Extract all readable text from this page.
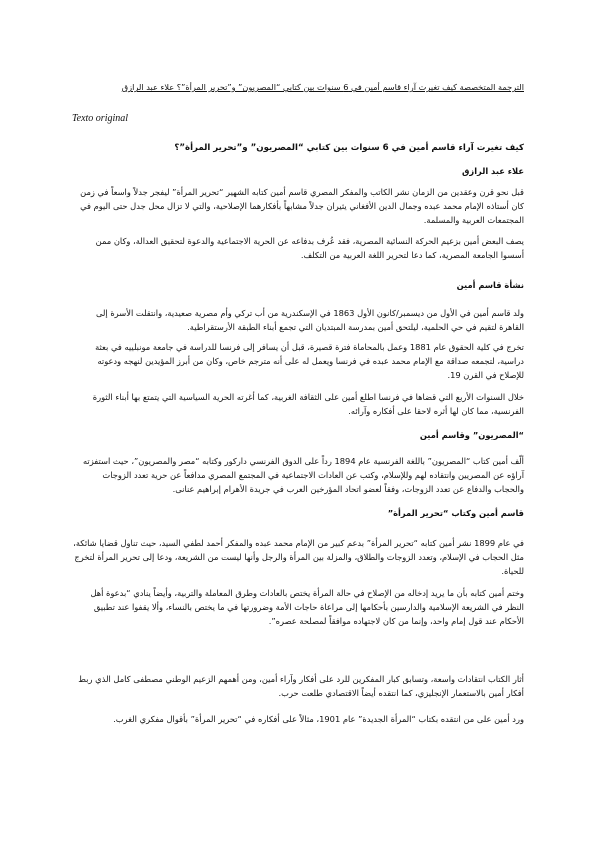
الترجمة المتخصصة كيف تغيرت آراء قاسم أمين في 6 سنوات بين كتابي “المصريون” و”تحرير المرأة”؟ علاء عبد الرازق
Texto original
كيف تغيرت آراء قاسم أمين في 6 سنوات بين كتابي “المصريون” و”تحرير المرأة”؟
علاء عبد الرازق
قبل نحو قرن وعقدين من الزمان نشر الكاتب والمفكر المصري قاسم أمين كتابه الشهير “تحرير المرأة” ليفجر جدلاً واسعاً في زمن كان أستاذه الإمام محمد عبده وجمال الدين الأفغاني يثيران جدلاً مشابهاً بأفكارهما الإصلاحية، والتي لا تزال محل جدل حتى اليوم في المجتمعات العربية والمسلمة.
يصف البعض أمين بزعيم الحركة النسائية المصرية، فقد عُرف بدفاعه عن الحرية الاجتماعية والدعوة لتحقيق العدالة، وكان ممن أسسوا الجامعة المصرية، كما دعا لتحرير اللغة العربية من التكلف.
نشأة قاسم أمين
ولد قاسم أمين في الأول من ديسمبر/كانون الأول 1863 في الإسكندرية من أب تركي وأم مصرية صعيدية، وانتقلت الأسرة إلى القاهرة لتقيم في حي الحلمية، ليلتحق أمين بمدرسة المبتديان التي تجمع أبناء الطبقة الأرستقراطية.
تخرج في كلية الحقوق عام 1881 وعمل بالمحاماة فترة قصيرة، قبل أن يسافر إلى فرنسا للدراسة في جامعة مونبلييه في بعثة دراسية، لتجمعه صداقة مع الإمام محمد عبده في فرنسا ويعمل له على أنه مترجم خاص، وكان من أبرز المؤيدين لنهجه ودعوته للإصلاح في القرن 19.
خلال السنوات الأربع التي قضاها في فرنسا اطلع أمين على الثقافة الغربية، كما أغرته الحرية السياسية التي يتمتع بها أبناء الثورة الفرنسية، مما كان لها أثره لاحقا على أفكاره وآرائه.
“المصريون” وقاسم أمين
ألّف أمين كتاب “المصريون” باللغة الفرنسية عام 1894 رداً على الدوق الفرنسي داركور وكتابه “مصر والمصريون”، حيث استفزته آراؤه عن المصريين وانتقاده لهم وللإسلام، وكتب عن العادات الاجتماعية في المجتمع المصري مدافعاً عن حرية تعدد الزوجات والحجاب والدفاع عن تعدد الزوجات، وفقاً لعضو اتحاد المؤرخين العرب في جريدة الأهرام إبراهيم عنانى.
قاسم أمين وكتاب “تحرير المرأة”
في عام 1899 نشر أمين كتابه “تحرير المرأة” بدعم كبير من الإمام محمد عبده والمفكر أحمد لطفي السيد، حيث تناول قضايا شائكة، مثل الحجاب في الإسلام، وتعدد الزوجات والطلاق، والمزلة بين المرأة والرجل وأنها ليست من الشريعة، ودعا إلى تحرير المرأة لتخرج للحياة.
وختم أمين كتابه بأن ما يريد إدخاله من الإصلاح في حالة المرأة يختص بالعادات وطرق المعاملة والتربية، وأيضاً ينادي “بدعوة أهل النظر في الشريعة الإسلامية والدارسين بأحكامها إلى مراعاة حاجات الأمة وضرورتها في ما يختص بالنساء، وألا يقفوا عند تطبيق الأحكام عند قول إمام واحد، وإنما من كان لاجتهاده موافقاً لمصلحة عصره”.
أثار الكتاب انتقادات واسعة، وتسابق كبار المفكرين للرد على أفكار وآراء أمين، ومن أهمهم الزعيم الوطني مصطفى كامل الذي ربط أفكار أمين بالاستعمار الإنجليزي، كما انتقده أيضاً الاقتصادي طلعت حرب.
ورد أمين على من انتقده بكتاب “المرأة الجديدة” عام 1901، مثالاً على أفكاره في “تحرير المرأة” بأقوال مفكري الغرب.
